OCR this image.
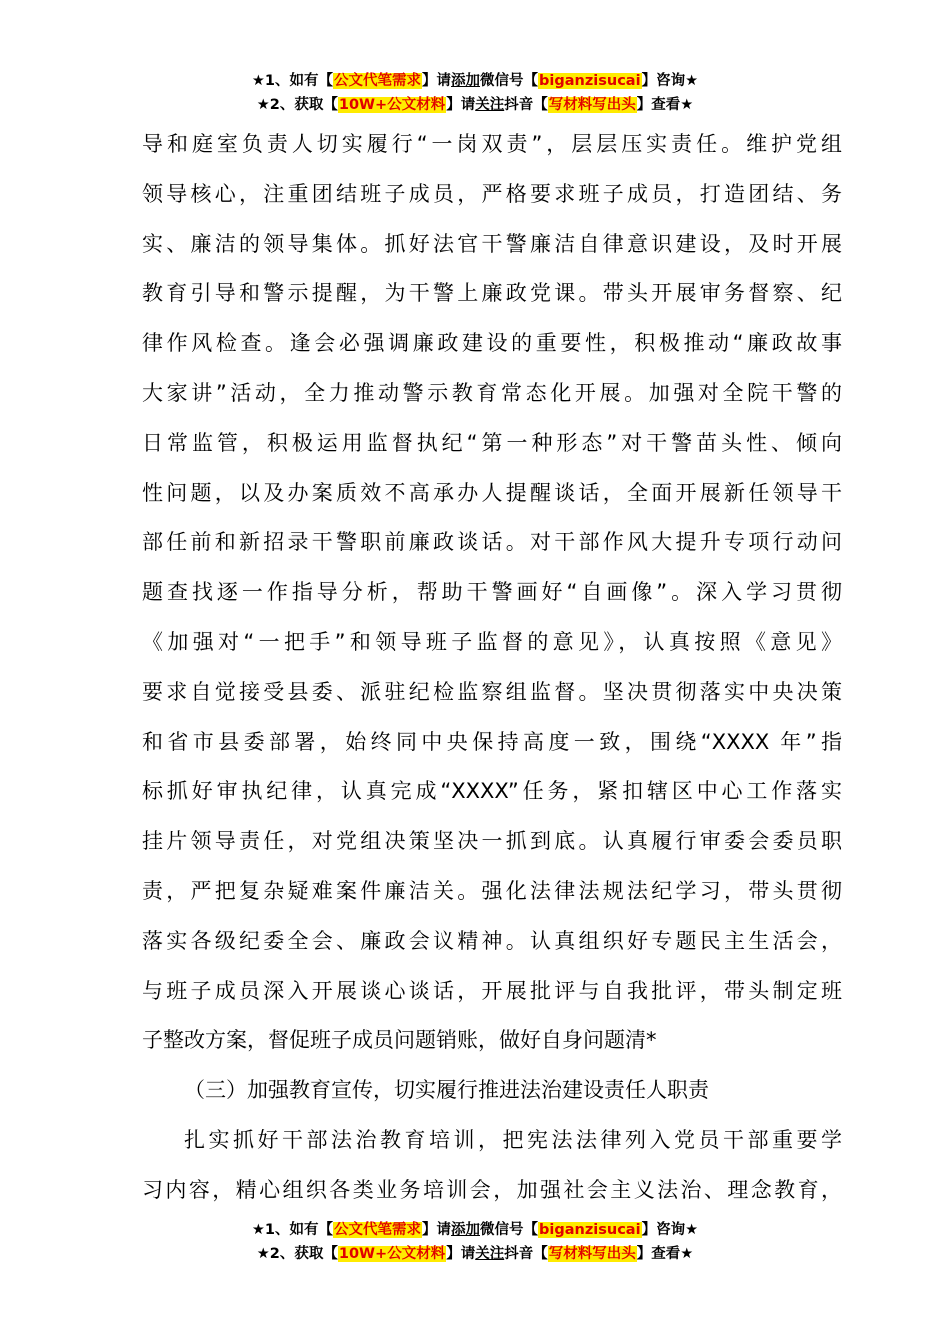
★1、如有【公文代笔需求】请添加微信号【biganzisucai】咨询★
★2、获取【10W+公文材料】请关注抖音【写材料写出头】查看★
导和庭室负责人切实履行“一岗双责”，层层压实责任。维护党组
领导核心，注重团结班子成员，严格要求班子成员，打造团结、务
实、廉洁的领导集体。抓好法官干警廉洁自律意识建设，及时开展
教育引导和警示提醒，为干警上廉政党课。带头开展审务督察、纪
律作风检查。逢会必强调廉政建设的重要性，积极推动“廉政故事
大家讲”活动，全力推动警示教育常态化开展。加强对全院干警的
日常监管，积极运用监督执纪“第一种形态”对干警苗头性、倾向
性问题，以及办案质效不高承办人提醒谈话，全面开展新任领导干
部任前和新招录干警职前廉政谈话。对干部作风大提升专项行动问
题查找逐一作指导分析，帮助干警画好“自画像”。深入学习贯彻
《加强对“一把手”和领导班子监督的意见》，认真按照《意见》
要求自觉接受县委、派驻纪检监察组监督。坚决贯彻落实中央决策
和省市县委部署，始终同中央保持高度一致，围绕“XXXX 年”指
标抓好审执纪律，认真完成“XXXX”任务，紧扣辖区中心工作落实
挂片领导责任，对党组决策坚决一抓到底。认真履行审委会委员职
责，严把复杂疑难案件廉洁关。强化法律法规法纪学习，带头贯彻
落实各级纪委全会、廉政会议精神。认真组织好专题民主生活会，
与班子成员深入开展谈心谈话，开展批评与自我批评，带头制定班
子整改方案，督促班子成员问题销账，做好自身问题清*
（三）加强教育宣传，切实履行推进法治建设责任人职责
扎实抓好干部法治教育培训，把宪法法律列入党员干部重要学
习内容，精心组织各类业务培训会，加强社会主义法治、理念教育，
★1、如有【公文代笔需求】请添加微信号【biganzisucai】咨询★
★2、获取【10W+公文材料】请关注抖音【写材料写出头】查看★
